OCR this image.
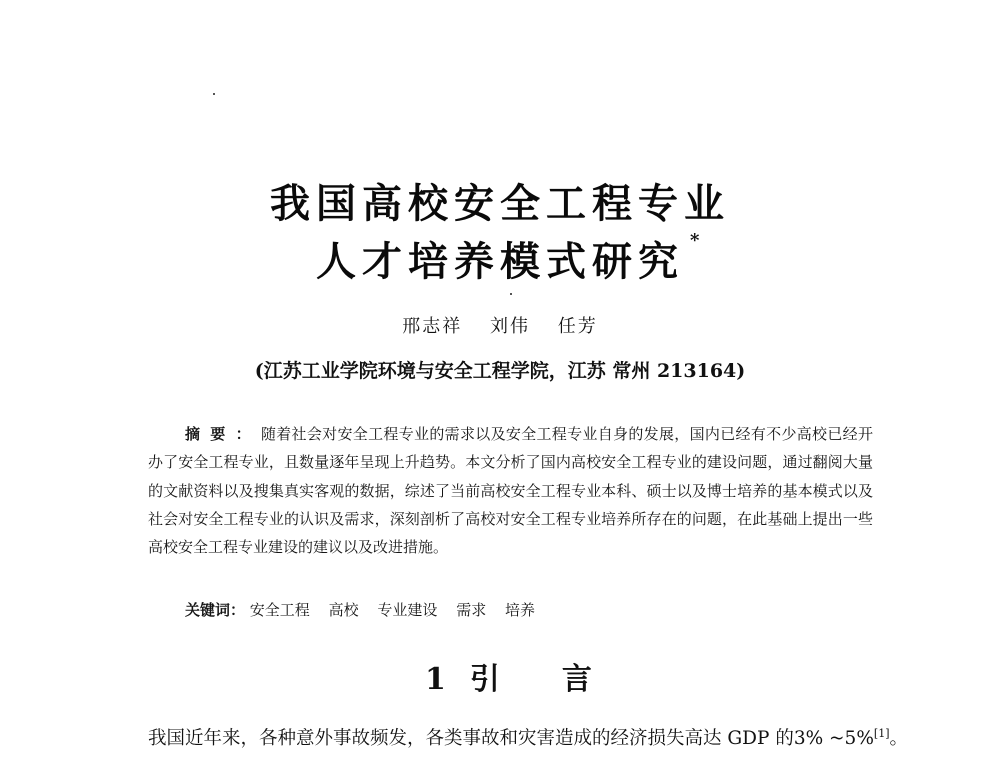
我国高校安全工程专业
人才培养模式研究 *
邢志祥 刘伟 任芳
(江苏工业学院环境与安全工程学院，江苏 常州 213164)
摘要：随着社会对安全工程专业的需求以及安全工程专业自身的发展，国内已经有不少高校已经开办了安全工程专业，且数量逐年呈现上升趋势。本文分析了国内高校安全工程专业的建设问题，通过翻阅大量的文献资料以及搜集真实客观的数据，综述了当前高校安全工程专业本科、硕士以及博士培养的基本模式以及社会对安全工程专业的认识及需求，深刻剖析了高校对安全工程专业培养所存在的问题，在此基础上提出一些高校安全工程专业建设的建议以及改进措施。
关键词： 安全工程 高校 专业建设 需求 培养
1 引言
我国近年来，各种意外事故频发，各类事故和灾害造成的经济损失高达 GDP 的3% ~5%[1]。
